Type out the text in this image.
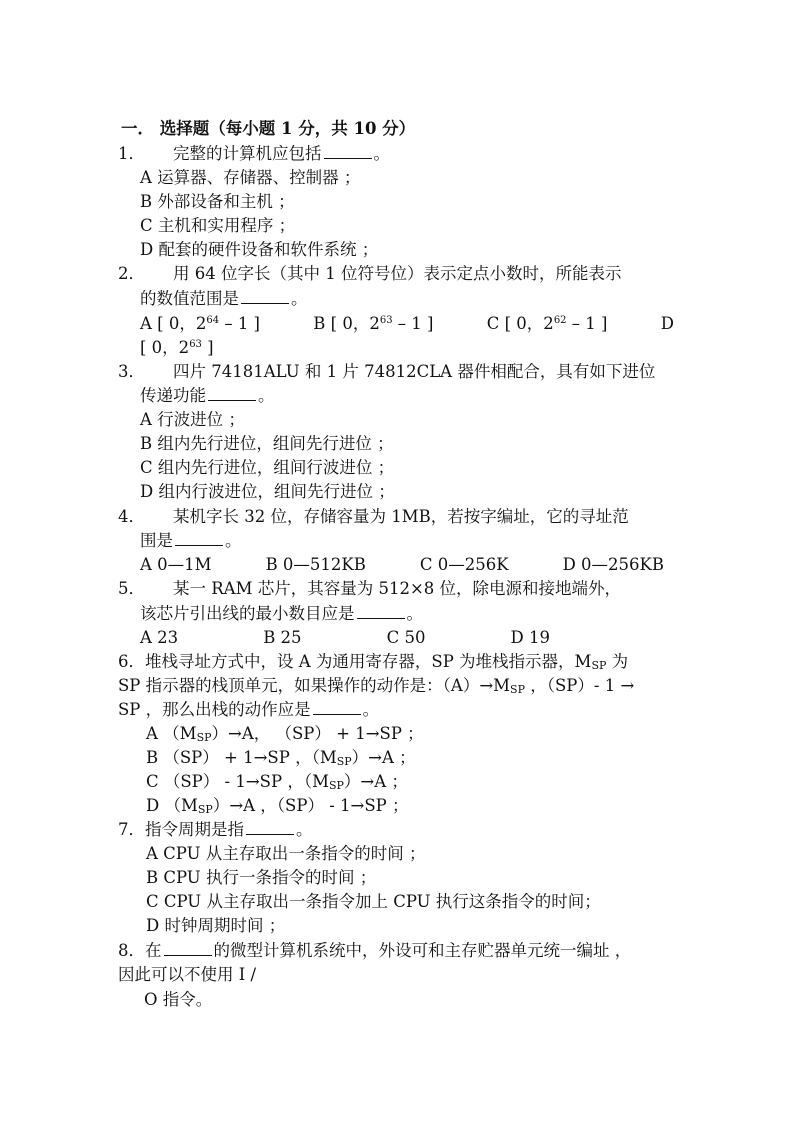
一． 选择题（每小题 1 分，共 10 分）
1． 完整的计算机应包括	。
A 运算器、存储器、控制器 ；
B 外部设备和主机 ；
C 主机和实用程序 ；
D 配套的硬件设备和软件系统 ；
2． 用 64 位字长（其中 1 位符号位）表示定点小数时，所能表示
的数值范围是	。
A [ 0，$2^{64} - 1$ ]	B [ 0，$2^{63} - 1$ ]	C [ 0，$2^{62} - 1$ ]	D
[ 0，$2^{63}$ ]
3． 四片 74181ALU 和 1 片 74812CLA 器件相配合，具有如下进位
传递功能	。
A 行波进位 ；
B 组内先行进位，组间先行进位 ；
C 组内先行进位，组间行波进位 ；
D 组内行波进位，组间先行进位 ；
4． 某机字长 32 位，存储容量为 1MB，若按字编址，它的寻址范
围是	。
A 0—1M	B 0—512KB	C 0—256K	D 0—256KB
5． 某一 RAM 芯片，其容量为 512×8 位，除电源和接地端外，
该芯片引出线的最小数目应是	。
A 23	B 25	C 50	D 19
6．堆栈寻址方式中，设 A 为通用寄存器，SP 为堆栈指示器，$M_{SP}$ 为
SP 指示器的栈顶单元，如果操作的动作是：$(A)\to M_{SP}$ ，（SP）- 1 →
SP ，那么出栈的动作应是	。
A $(M_{SP})\to A$， （SP） + 1→SP ；
B （SP） + 1→SP ，$(M_{SP})\to A$ ；
C （SP） - 1→SP ，$(M_{SP})\to A$ ；
D $(M_{SP})\to A$ ，（SP） - 1→SP ；
7．指令周期是指	。
A CPU 从主存取出一条指令的时间 ；
B CPU 执行一条指令的时间 ；
C CPU 从主存取出一条指令加上 CPU 执行这条指令的时间；
D 时钟周期时间 ；
8．在	的微型计算机系统中，外设可和主存贮器单元统一编址 ，
因此可以不使用 I /
O 指令。
